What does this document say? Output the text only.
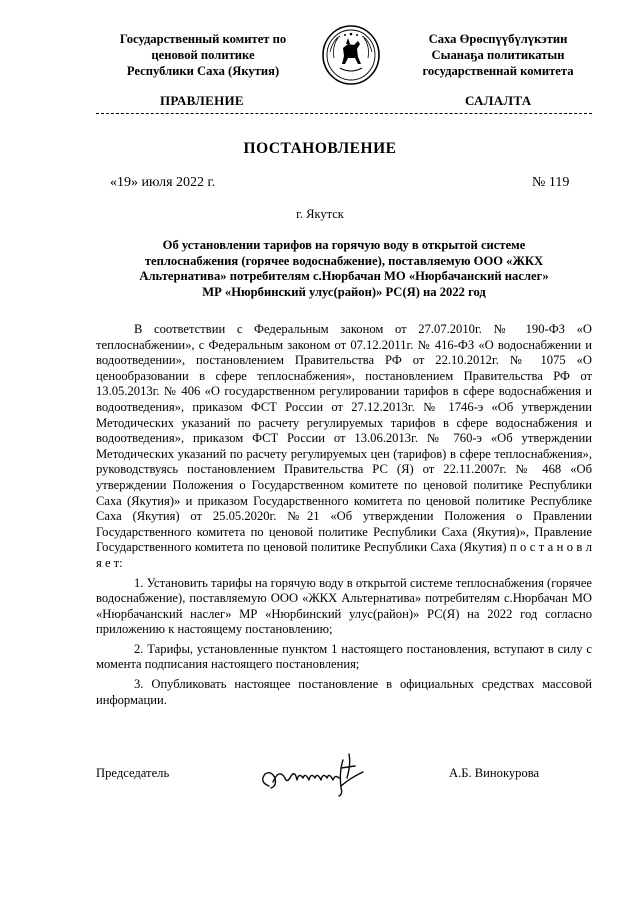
Государственный комитет по
ценовой политике
Республики Саха (Якутия)
Саха Өрөспүүбүлүкэтин
Сыанаҕа политикатын
государственнай комитета
ПРАВЛЕНИЕ	САЛАЛТА
ПОСТАНОВЛЕНИЕ
«19» июля 2022 г.	№ 119
г. Якутск
Об установлении тарифов на горячую воду в открытой системе
теплоснабжения (горячее водоснабжение), поставляемую ООО «ЖКХ
Альтернатива» потребителям с.Нюрбачан МО «Нюрбачанский наслег»
МР «Нюрбинский улус(район)» РС(Я) на 2022 год

В соответствии с Федеральным законом от 27.07.2010г. № 190-ФЗ «О теплоснабжении», с Федеральным законом от 07.12.2011г. № 416-ФЗ «О водоснабжении и водоотведении», постановлением Правительства РФ от 22.10.2012г. № 1075 «О ценообразовании в сфере теплоснабжения», постановлением Правительства РФ от 13.05.2013г. № 406 «О государственном регулировании тарифов в сфере водоснабжения и водоотведения», приказом ФСТ России от 27.12.2013г. № 1746-э «Об утверждении Методических указаний по расчету регулируемых тарифов в сфере водоснабжения и водоотведения», приказом ФСТ России от 13.06.2013г. № 760-э «Об утверждении Методических указаний по расчету регулируемых цен (тарифов) в сфере теплоснабжения», руководствуясь постановлением Правительства РС (Я) от 22.11.2007г. № 468 «Об утверждении Положения о Государственном комитете по ценовой политике Республики Саха (Якутия)» и приказом Государственного комитета по ценовой политике Республике Саха (Якутия) от 25.05.2020г. №21 «Об утверждении Положения о Правлении Государственного комитета по ценовой политике Республики Саха (Якутия)», Правление Государственного комитета по ценовой политике Республики Саха (Якутия) п о с т а н о в л я е т:

1. Установить тарифы на горячую воду в открытой системе теплоснабжения (горячее водоснабжение), поставляемую ООО «ЖКХ Альтернатива» потребителям с.Нюрбачан МО «Нюрбачанский наслег» МР «Нюрбинский улус(район)» РС(Я) на 2022 год согласно приложению к настоящему постановлению;

2. Тарифы, установленные пунктом 1 настоящего постановления, вступают в силу с момента подписания настоящего постановления;

3. Опубликовать настоящее постановление в официальных средствах массовой информации.

Председатель	А.Б. Винокурова
